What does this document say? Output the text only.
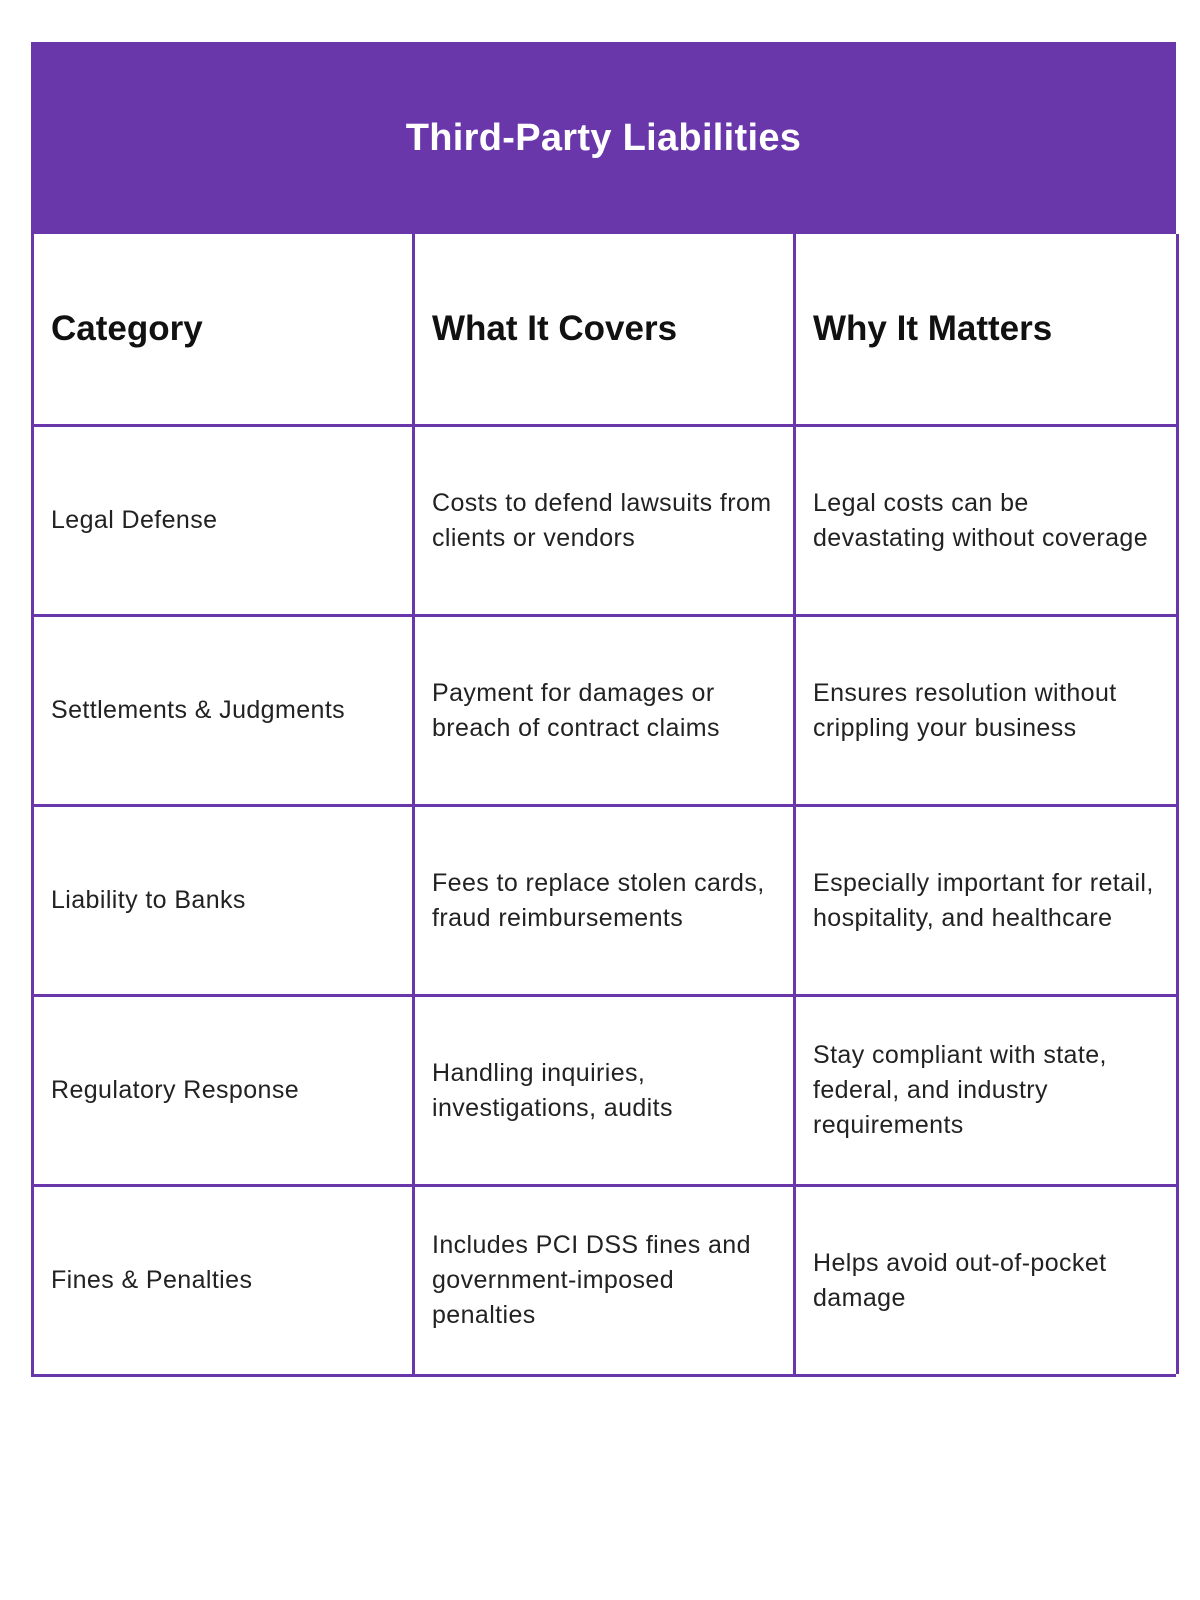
Third-Party Liabilities
Category	What It Covers	Why It Matters
Legal Defense
Costs to defend lawsuits from clients or vendors
Legal costs can be devastating without coverage
Settlements & Judgments
Payment for damages or breach of contract claims
Ensures resolution without crippling your business
Liability to Banks
Fees to replace stolen cards, fraud reimbursements
Especially important for retail, hospitality, and healthcare
Regulatory Response
Handling inquiries, investigations, audits
Stay compliant with state, federal, and industry requirements
Fines & Penalties
Includes PCI DSS fines and government-imposed penalties
Helps avoid out-of-pocket damage
